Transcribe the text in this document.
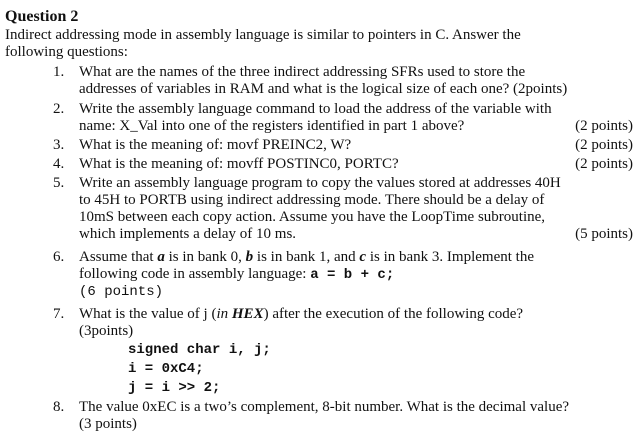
Question 2
Indirect addressing mode in assembly language is similar to pointers in C. Answer the
following questions:
1. What are the names of the three indirect addressing SFRs used to store the
addresses of variables in RAM and what is the logical size of each one? (2points)
2. Write the assembly language command to load the address of the variable with
name: X_Val into one of the registers identified in part 1 above?	(2 points)
3. What is the meaning of: movf PREINC2, W?	(2 points)
4. What is the meaning of: movff POSTINC0, PORTC?	(2 points)
5. Write an assembly language program to copy the values stored at addresses 40H
to 45H to PORTB using indirect addressing mode. There should be a delay of
10mS between each copy action. Assume you have the LoopTime subroutine,
which implements a delay of 10 ms.	(5 points)
6. Assume that a is in bank 0, b is in bank 1, and c is in bank 3. Implement the
following code in assembly language: a = b + c;
(6 points)
7. What is the value of j (in HEX) after the execution of the following code?
(3points)
signed char i, j;
i = 0xC4;
j = i >> 2;
8. The value 0xEC is a two’s complement, 8-bit number. What is the decimal value?
(3 points)
